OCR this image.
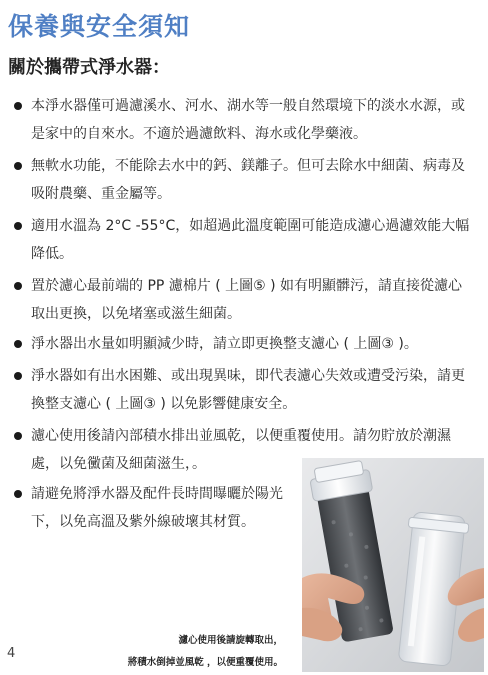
保養與安全須知
關於攜帶式淨水器：
本淨水器僅可過濾溪水、河水、湖水等一般自然環境下的淡水水源，或是家中的自來水。不適於過濾飲料、海水或化學藥液。
無軟水功能，不能除去水中的鈣、鎂離子。但可去除水中細菌、病毒及吸附農藥、重金屬等。
適用水溫為 2°C -55°C，如超過此溫度範圍可能造成濾心過濾效能大幅降低。
置於濾心最前端的 PP 濾棉片 ( 上圖⑤ ) 如有明顯髒污，請直接從濾心取出更換，以免堵塞或滋生細菌。
淨水器出水量如明顯減少時，請立即更換整支濾心 ( 上圖③ )。
淨水器如有出水困難、或出現異味，即代表濾心失效或遭受污染，請更換整支濾心 ( 上圖③ ) 以免影響健康安全。
濾心使用後請內部積水排出並風乾，以便重覆使用。請勿貯放於潮濕處，以免黴菌及細菌滋生，。
請避免將淨水器及配件長時間曝曬於陽光下，以免高溫及紫外線破壞其材質。
濾心使用後請旋轉取出，
將積水倒掉並風乾 ，以便重覆使用。
4
